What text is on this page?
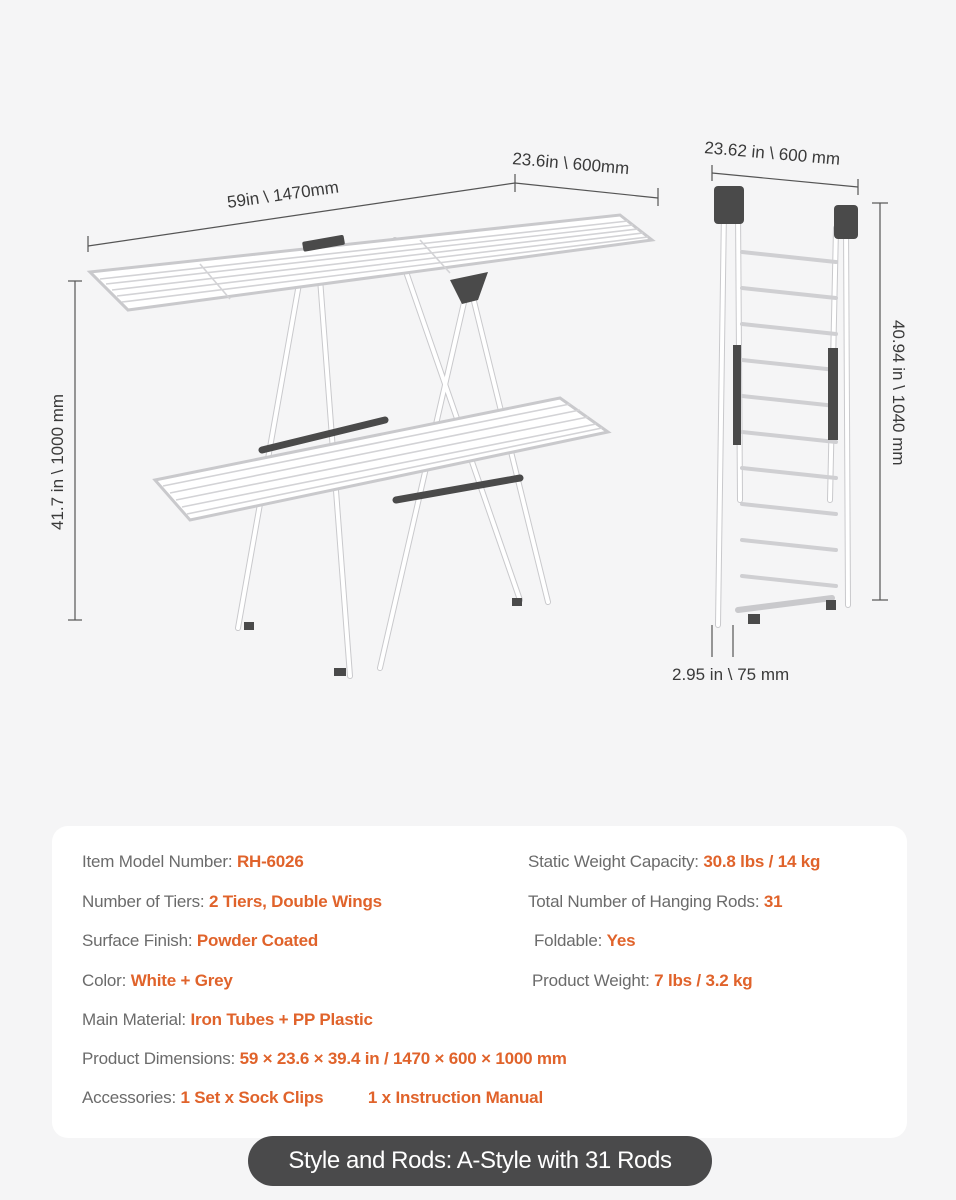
59in \ 1470mm
23.6in \ 600mm
41.7 in \ 1000 mm
23.62 in \ 600 mm
40.94 in \ 1040 mm
2.95 in \ 75 mm
Item Model Number: RH-6026	Static Weight Capacity: 30.8 lbs / 14 kg
Number of Tiers: 2 Tiers, Double Wings	Total Number of Hanging Rods: 31
Surface Finish: Powder Coated	Foldable: Yes
Color: White + Grey	Product Weight: 7 lbs / 3.2 kg
Main Material: Iron Tubes + PP Plastic
Product Dimensions: 59 × 23.6 × 39.4 in / 1470 × 600 × 1000 mm
Accessories: 1 Set x Sock Clips	1 x Instruction Manual
Style and Rods: A-Style with 31 Rods
